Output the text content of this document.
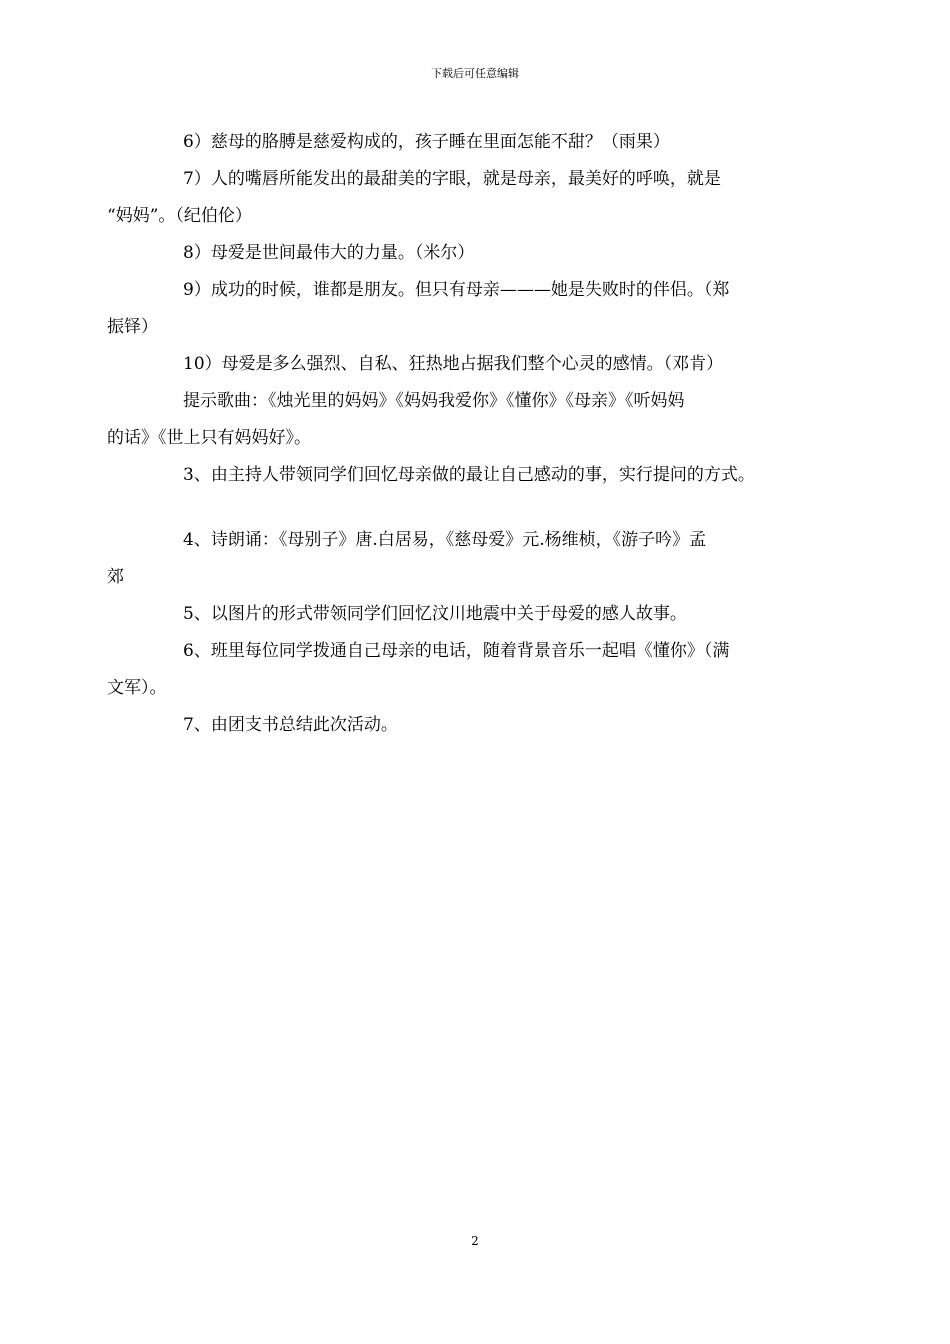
下载后可任意编辑

6）慈母的胳膊是慈爱构成的，孩子睡在里面怎能不甜？（雨果）

7）人的嘴唇所能发出的最甜美的字眼，就是母亲，最美好的呼唤，就是
“妈妈”。（纪伯伦）

8）母爱是世间最伟大的力量。（米尔）

9）成功的时候，谁都是朋友。但只有母亲———她是失败时的伴侣。（郑
振铎）

10）母爱是多么强烈、自私、狂热地占据我们整个心灵的感情。（邓肯）

提示歌曲：《烛光里的妈妈》《妈妈我爱你》《懂你》《母亲》《听妈妈
的话》《世上只有妈妈好》。

3、由主持人带领同学们回忆母亲做的最让自己感动的事，实行提问的方式。

4、诗朗诵：《母别子》唐.白居易，《慈母爱》元.杨维桢，《游子吟》孟
郊

5、以图片的形式带领同学们回忆汶川地震中关于母爱的感人故事。

6、班里每位同学拨通自己母亲的电话，随着背景音乐一起唱《懂你》（满
文军）。

7、由团支书总结此次活动。

2
